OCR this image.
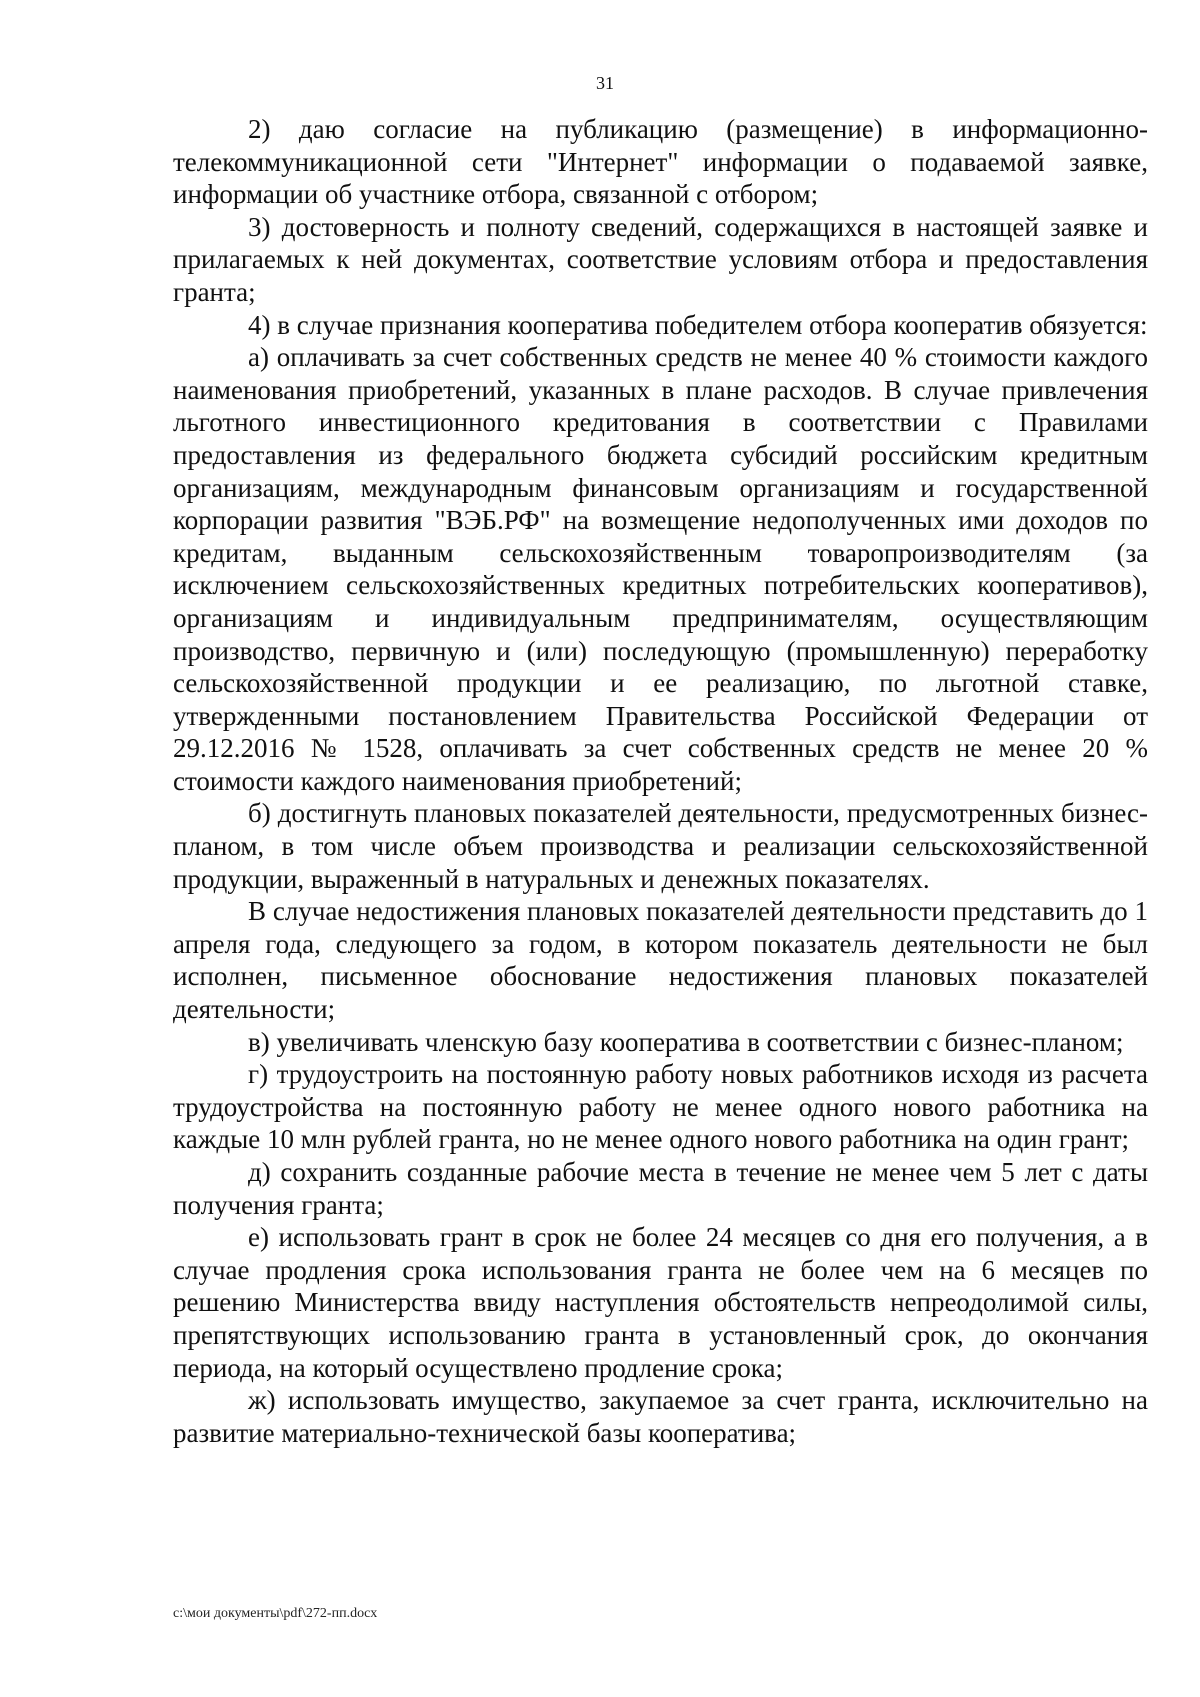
31

2) даю согласие на публикацию (размещение) в информационно-телекоммуникационной сети "Интернет" информации о подаваемой заявке, информации об участнике отбора, связанной с отбором;

3) достоверность и полноту сведений, содержащихся в настоящей заявке и прилагаемых к ней документах, соответствие условиям отбора и предоставления гранта;

4) в случае признания кооператива победителем отбора кооператив обязуется:

а) оплачивать за счет собственных средств не менее 40 % стоимости каждого наименования приобретений, указанных в плане расходов. В случае привлечения льготного инвестиционного кредитования в соответствии с Правилами предоставления из федерального бюджета субсидий российским кредитным организациям, международным финансовым организациям и государственной корпорации развития "ВЭБ.РФ" на возмещение недополученных ими доходов по кредитам, выданным сельскохозяйственным товаропроизводителям (за исключением сельскохозяйственных кредитных потребительских кооперативов), организациям и индивидуальным предпринимателям, осуществляющим производство, первичную и (или) последующую (промышленную) переработку сельскохозяйственной продукции и ее реализацию, по льготной ставке, утвержденными постановлением Правительства Российской Федерации от 29.12.2016 № 1528, оплачивать за счет собственных средств не менее 20 % стоимости каждого наименования приобретений;

б) достигнуть плановых показателей деятельности, предусмотренных бизнес-планом, в том числе объем производства и реализации сельскохозяйственной продукции, выраженный в натуральных и денежных показателях.

В случае недостижения плановых показателей деятельности представить до 1 апреля года, следующего за годом, в котором показатель деятельности не был исполнен, письменное обоснование недостижения плановых показателей деятельности;

в) увеличивать членскую базу кооператива в соответствии с бизнес-планом;

г) трудоустроить на постоянную работу новых работников исходя из расчета трудоустройства на постоянную работу не менее одного нового работника на каждые 10 млн рублей гранта, но не менее одного нового работника на один грант;

д) сохранить созданные рабочие места в течение не менее чем 5 лет с даты получения гранта;

е) использовать грант в срок не более 24 месяцев со дня его получения, а в случае продления срока использования гранта не более чем на 6 месяцев по решению Министерства ввиду наступления обстоятельств непреодолимой силы, препятствующих использованию гранта в установленный срок, до окончания периода, на который осуществлено продление срока;

ж) использовать имущество, закупаемое за счет гранта, исключительно на развитие материально-технической базы кооператива;

c:\мои документы\pdf\272-пп.docx
